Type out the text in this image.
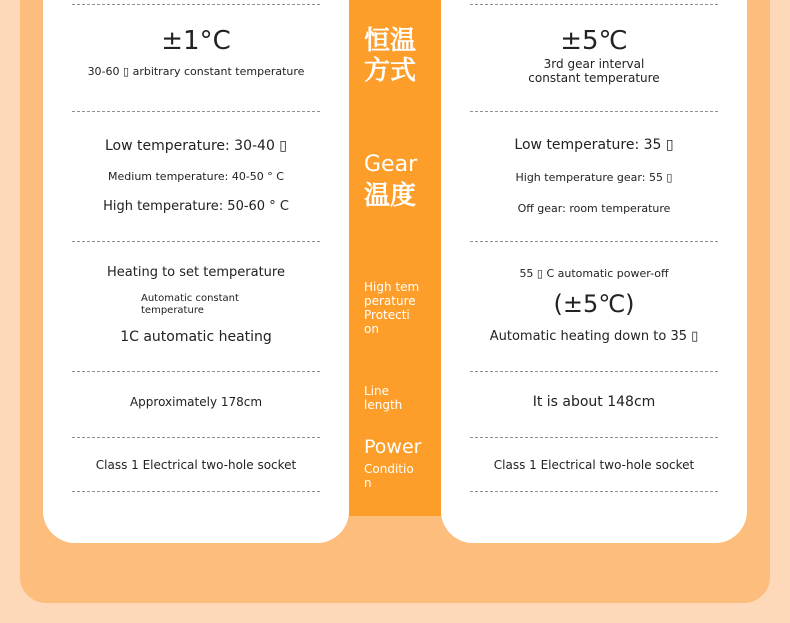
恒温
方式
Gear
温度
High tem
perature
Protecti
on
Line
length
Power
Conditio
n
±1°C
30-60 ▯ arbitrary constant temperature
Low temperature: 30-40 ▯
Medium temperature: 40-50 ° C
High temperature: 50-60 ° C
Heating to set temperature
Automatic constant
temperature
1C automatic heating
Approximately 178cm
Class 1 Electrical two-hole socket
±5℃
3rd gear interval
constant temperature
Low temperature: 35 ▯
High temperature gear: 55 ▯
Off gear: room temperature
55 ▯ C automatic power-off
(±5℃)
Automatic heating down to 35 ▯
It is about 148cm
Class 1 Electrical two-hole socket
